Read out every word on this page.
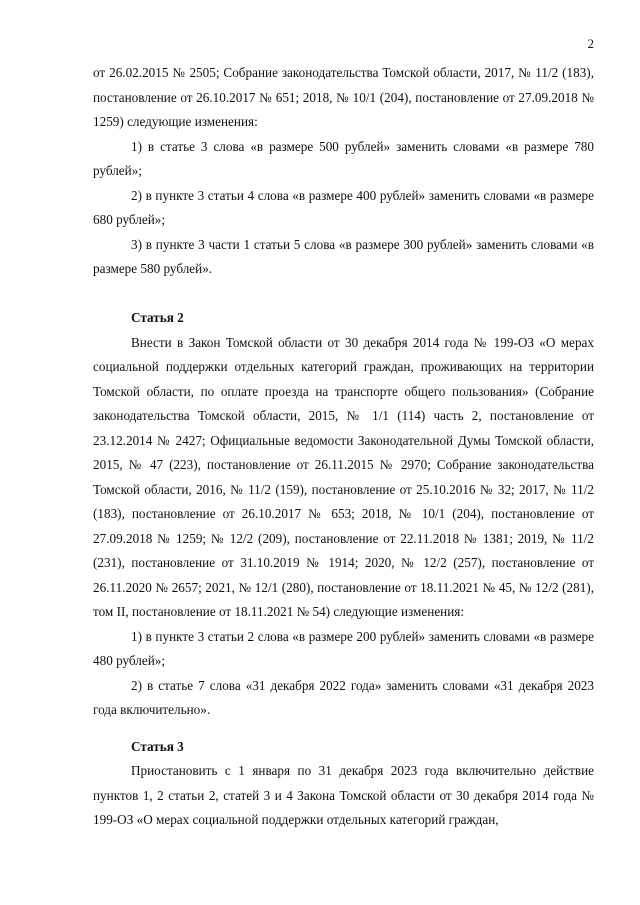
2

от 26.02.2015 № 2505; Собрание законодательства Томской области, 2017, № 11/2 (183), постановление от 26.10.2017 № 651; 2018, № 10/1 (204), постановление от 27.09.2018 № 1259) следующие изменения:

1) в статье 3 слова «в размере 500 рублей» заменить словами «в размере 780 рублей»;

2) в пункте 3 статьи 4 слова «в размере 400 рублей» заменить словами «в размере 680 рублей»;

3) в пункте 3 части 1 статьи 5 слова «в размере 300 рублей» заменить словами «в размере 580 рублей».

Статья 2

Внести в Закон Томской области от 30 декабря 2014 года № 199-ОЗ «О мерах социальной поддержки отдельных категорий граждан, проживающих на территории Томской области, по оплате проезда на транспорте общего пользования» (Собрание законодательства Томской области, 2015, № 1/1 (114) часть 2, постановление от 23.12.2014 № 2427; Официальные ведомости Законодательной Думы Томской области, 2015, № 47 (223), постановление от 26.11.2015 № 2970; Собрание законодательства Томской области, 2016, № 11/2 (159), постановление от 25.10.2016 № 32; 2017, № 11/2 (183), постановление от 26.10.2017 № 653; 2018, № 10/1 (204), постановление от 27.09.2018 № 1259; № 12/2 (209), постановление от 22.11.2018 № 1381; 2019, № 11/2 (231), постановление от 31.10.2019 № 1914; 2020, № 12/2 (257), постановление от 26.11.2020 № 2657; 2021, № 12/1 (280), постановление от 18.11.2021 № 45, № 12/2 (281), том II, постановление от 18.11.2021 № 54) следующие изменения:

1) в пункте 3 статьи 2 слова «в размере 200 рублей» заменить словами «в размере 480 рублей»;

2) в статье 7 слова «31 декабря 2022 года» заменить словами «31 декабря 2023 года включительно».

Статья 3

Приостановить с 1 января по 31 декабря 2023 года включительно действие пунктов 1, 2 статьи 2, статей 3 и 4 Закона Томской области от 30 декабря 2014 года № 199-ОЗ «О мерах социальной поддержки отдельных категорий граждан,
